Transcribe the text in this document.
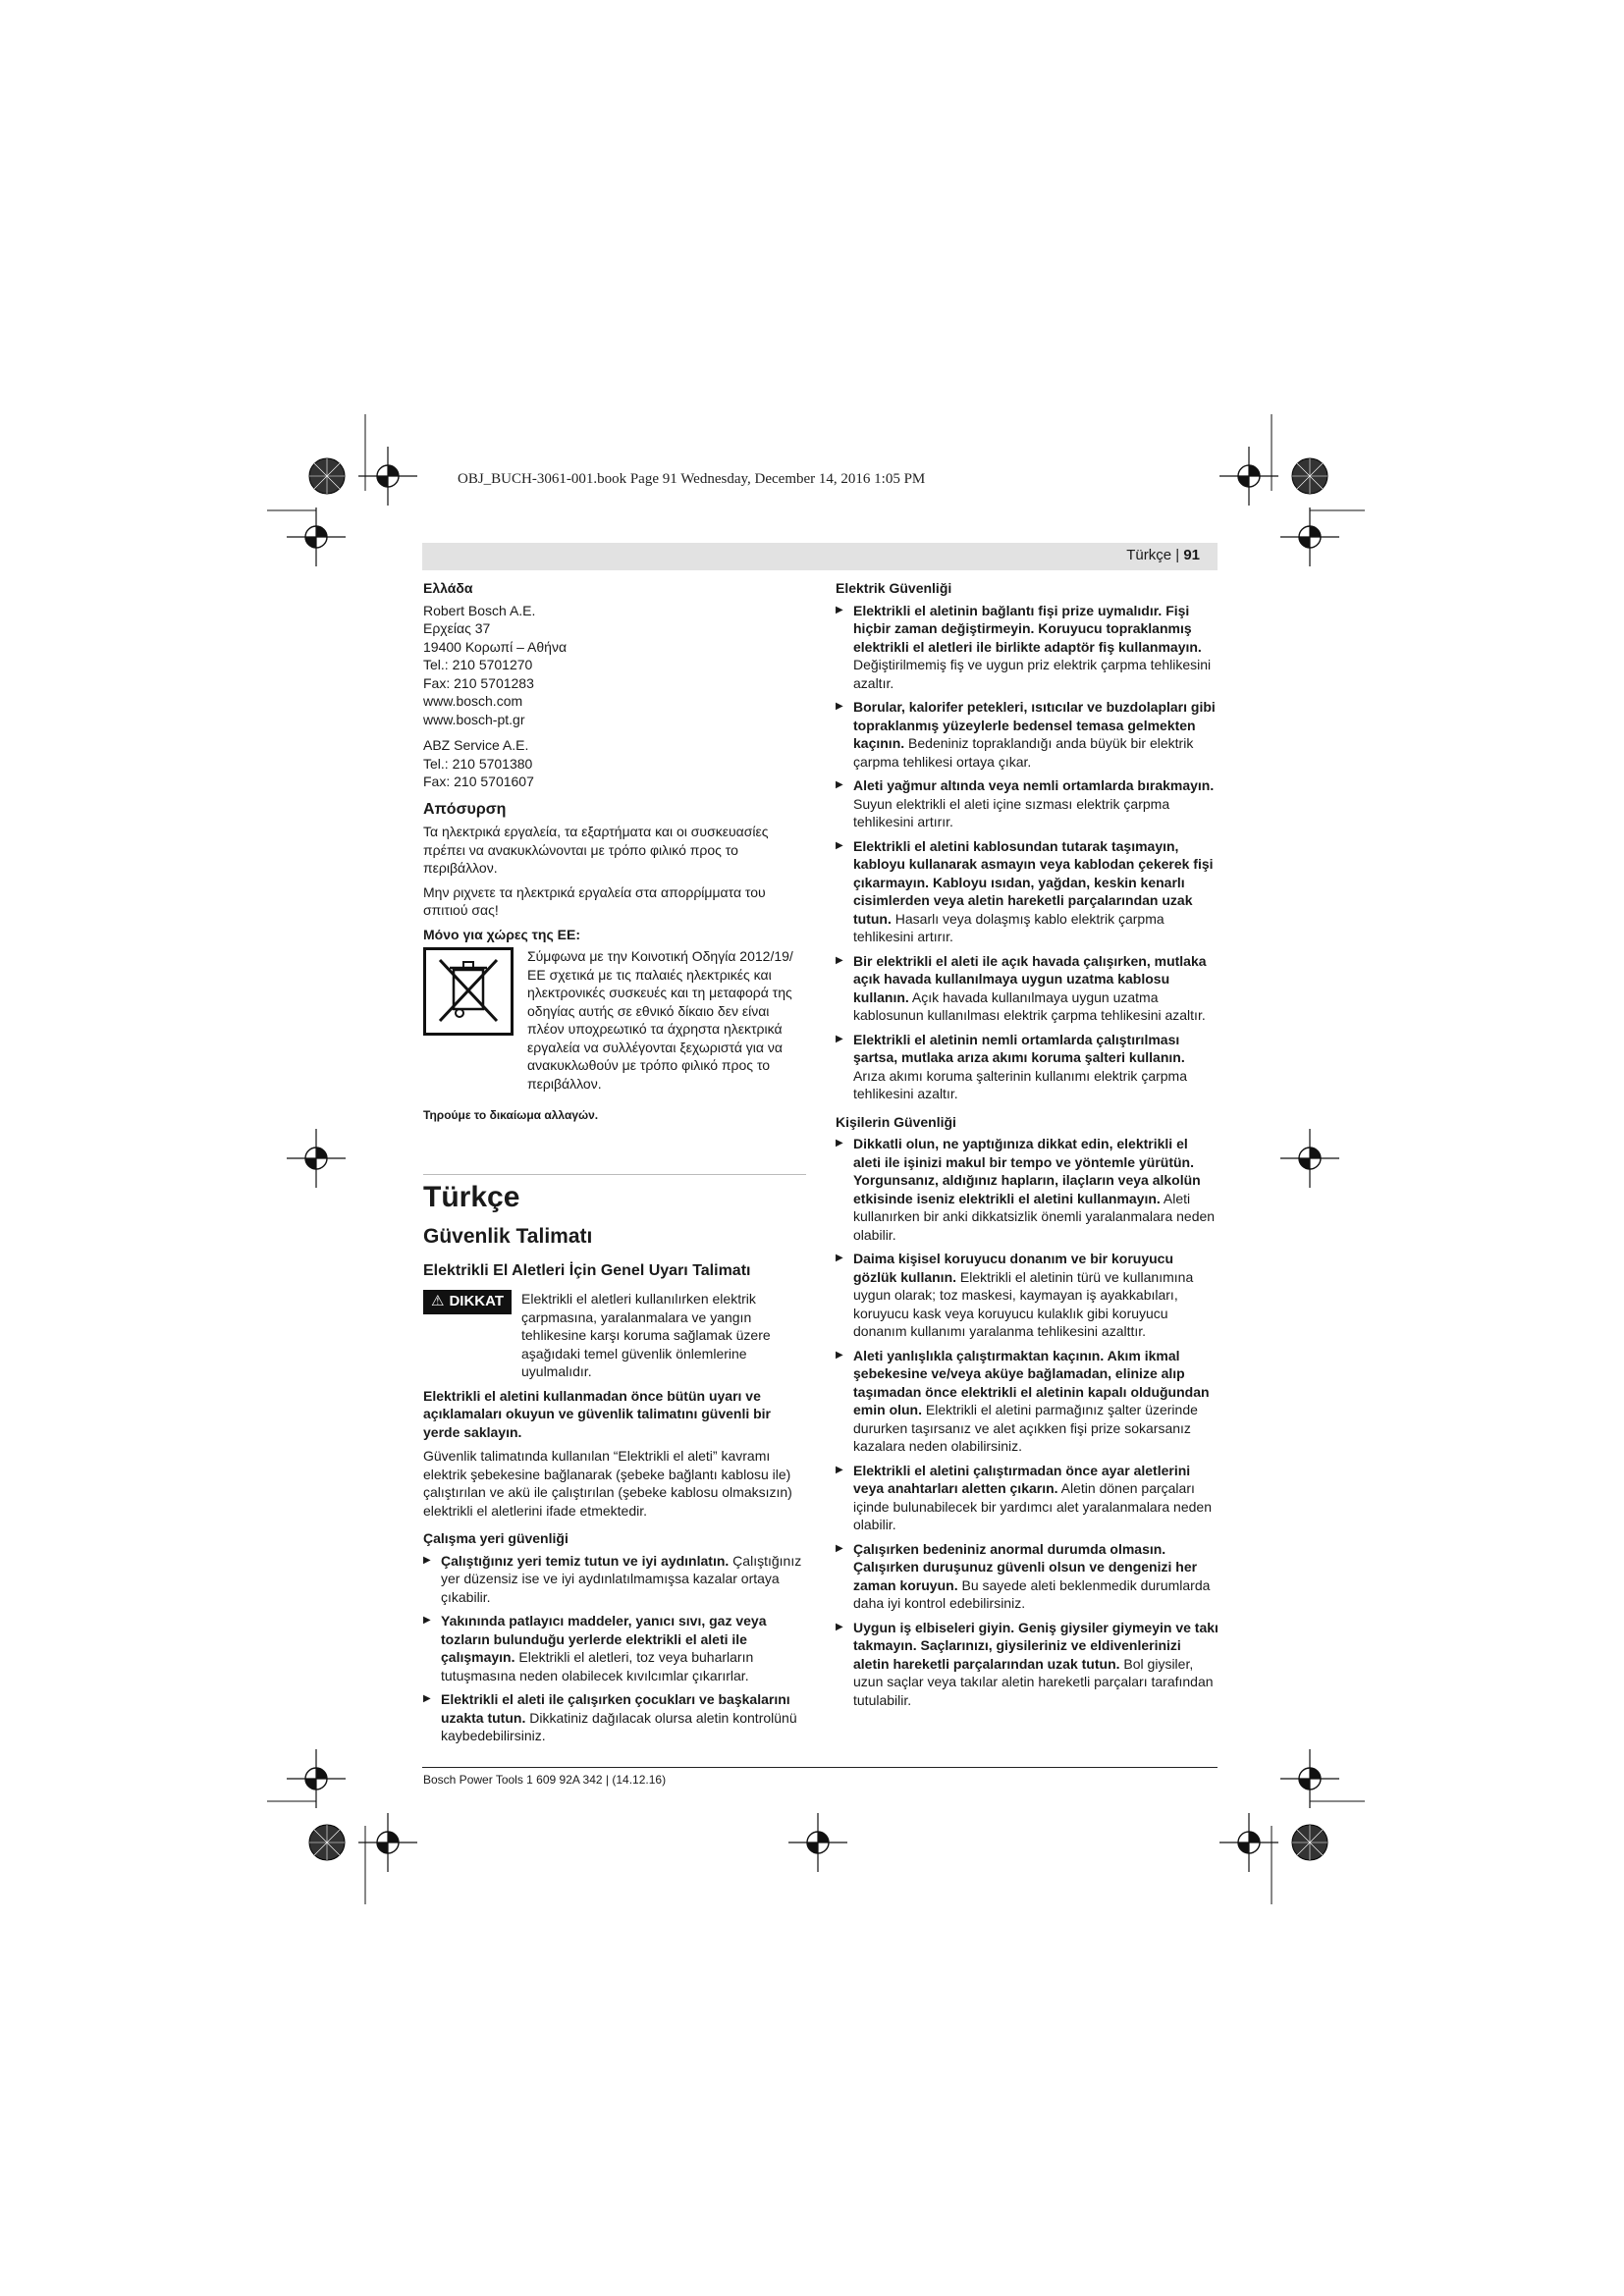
OBJ_BUCH-3061-001.book Page 91 Wednesday, December 14, 2016 1:05 PM
Türkçe | 91
Ελλάδα
Robert Bosch A.E.
Ερχείας 37
19400 Κορωπί – Αθήνα
Tel.: 210 5701270
Fax: 210 5701283
www.bosch.com
www.bosch-pt.gr
ABZ Service A.E.
Tel.: 210 5701380
Fax: 210 5701607
Απόσυρση

Τα ηλεκτρικά εργαλεία, τα εξαρτήματα και οι συσκευασίες πρέπει να ανακυκλώνονται με τρόπο φιλικό προς το περιβάλλον.

Μην ριχνετε τα ηλεκτρικά εργαλεία στα απορρίμματα του σπιτιού σας!

Μόνο για χώρες της ΕΕ:
Σύμφωνα με την Κοινοτική Οδηγία 2012/19/ΕΕ σχετικά με τις παλαιές ηλεκτρικές και ηλεκτρονικές συσκευές και τη μεταφορά της οδηγίας αυτής σε εθνικό δίκαιο δεν είναι πλέον υποχρεωτικό τα άχρηστα ηλεκτρικά εργαλεία να συλλέγονται ξεχωριστά για να ανακυκλωθούν με τρόπο φιλικό προς το περιβάλλον.
Τηρούμε το δικαίωμα αλλαγών.
Türkçe
Güvenlik Talimatı
Elektrikli El Aletleri İçin Genel Uyarı Talimatı
⚠ DIKKAT	Elektrikli el aletleri kullanılırken elektrik çarpmasına, yaralanmalara ve yangın tehlikesine karşı koruma sağlamak üzere aşağıdaki temel güvenlik önlemlerine uyulmalıdır.

Elektrikli el aletini kullanmadan önce bütün uyarı ve açıklamaları okuyun ve güvenlik talimatını güvenli bir yerde saklayın.

Güvenlik talimatında kullanılan “Elektrikli el aleti” kavramı elektrik şebekesine bağlanarak (şebeke bağlantı kablosu ile) çalıştırılan ve akü ile çalıştırılan (şebeke kablosu olmaksızın) elektrikli el aletlerini ifade etmektedir.

Çalışma yeri güvenliği
▶ Çalıştığınız yeri temiz tutun ve iyi aydınlatın. Çalıştığınız yer düzensiz ise ve iyi aydınlatılmamışsa kazalar ortaya çıkabilir.
▶ Yakınında patlayıcı maddeler, yanıcı sıvı, gaz veya tozların bulunduğu yerlerde elektrikli el aleti ile çalışmayın. Elektrikli el aletleri, toz veya buharların tutuşmasına neden olabilecek kıvılcımlar çıkarırlar.
▶ Elektrikli el aleti ile çalışırken çocukları ve başkalarını uzakta tutun. Dikkatiniz dağılacak olursa aletin kontrolünü kaybedebilirsiniz.
Elektrik Güvenliği
▶ Elektrikli el aletinin bağlantı fişi prize uymalıdır. Fişi hiçbir zaman değiştirmeyin. Koruyucu topraklanmış elektrikli el aletleri ile birlikte adaptör fiş kullanmayın. Değiştirilmemiş fiş ve uygun priz elektrik çarpma tehlikesini azaltır.
▶ Borular, kalorifer petekleri, ısıtıcılar ve buzdolapları gibi topraklanmış yüzeylerle bedensel temasa gelmekten kaçının. Bedeniniz topraklandığı anda büyük bir elektrik çarpma tehlikesi ortaya çıkar.
▶ Aleti yağmur altında veya nemli ortamlarda bırakmayın. Suyun elektrikli el aleti içine sızması elektrik çarpma tehlikesini artırır.
▶ Elektrikli el aletini kablosundan tutarak taşımayın, kabloyu kullanarak asmayın veya kablodan çekerek fişi çıkarmayın. Kabloyu ısıdan, yağdan, keskin kenarlı cisimlerden veya aletin hareketli parçalarından uzak tutun. Hasarlı veya dolaşmış kablo elektrik çarpma tehlikesini artırır.
▶ Bir elektrikli el aleti ile açık havada çalışırken, mutlaka açık havada kullanılmaya uygun uzatma kablosu kullanın. Açık havada kullanılmaya uygun uzatma kablosunun kullanılması elektrik çarpma tehlikesini azaltır.
▶ Elektrikli el aletinin nemli ortamlarda çalıştırılması şartsa, mutlaka arıza akımı koruma şalteri kullanın. Arıza akımı koruma şalterinin kullanımı elektrik çarpma tehlikesini azaltır.
Kişilerin Güvenliği
▶ Dikkatli olun, ne yaptığınıza dikkat edin, elektrikli el aleti ile işinizi makul bir tempo ve yöntemle yürütün. Yorgunsanız, aldığınız hapların, ilaçların veya alkolün etkisinde iseniz elektrikli el aletini kullanmayın. Aleti kullanırken bir anki dikkatsizlik önemli yaralanmalara neden olabilir.
▶ Daima kişisel koruyucu donanım ve bir koruyucu gözlük kullanın. Elektrikli el aletinin türü ve kullanımına uygun olarak; toz maskesi, kaymayan iş ayakkabıları, koruyucu kask veya koruyucu kulaklık gibi koruyucu donanım kullanımı yaralanma tehlikesini azalttır.
▶ Aleti yanlışlıkla çalıştırmaktan kaçının. Akım ikmal şebekesine ve/veya aküye bağlamadan, elinize alıp taşımadan önce elektrikli el aletinin kapalı olduğundan emin olun. Elektrikli el aletini parmağınız şalter üzerinde dururken taşırsanız ve alet açıkken fişi prize sokarsanız kazalara neden olabilirsiniz.
▶ Elektrikli el aletini çalıştırmadan önce ayar aletlerini veya anahtarları aletten çıkarın. Aletin dönen parçaları içinde bulunabilecek bir yardımcı alet yaralanmalara neden olabilir.
▶ Çalışırken bedeniniz anormal durumda olmasın. Çalışırken duruşunuz güvenli olsun ve dengenizi her zaman koruyun. Bu sayede aleti beklenmedik durumlarda daha iyi kontrol edebilirsiniz.
▶ Uygun iş elbiseleri giyin. Geniş giysiler giymeyin ve takı takmayın. Saçlarınızı, giysileriniz ve eldivenlerinizi aletin hareketli parçalarından uzak tutun. Bol giysiler, uzun saçlar veya takılar aletin hareketli parçaları tarafından tutulabilir.
Bosch Power Tools 1 609 92A 342 | (14.12.16)
